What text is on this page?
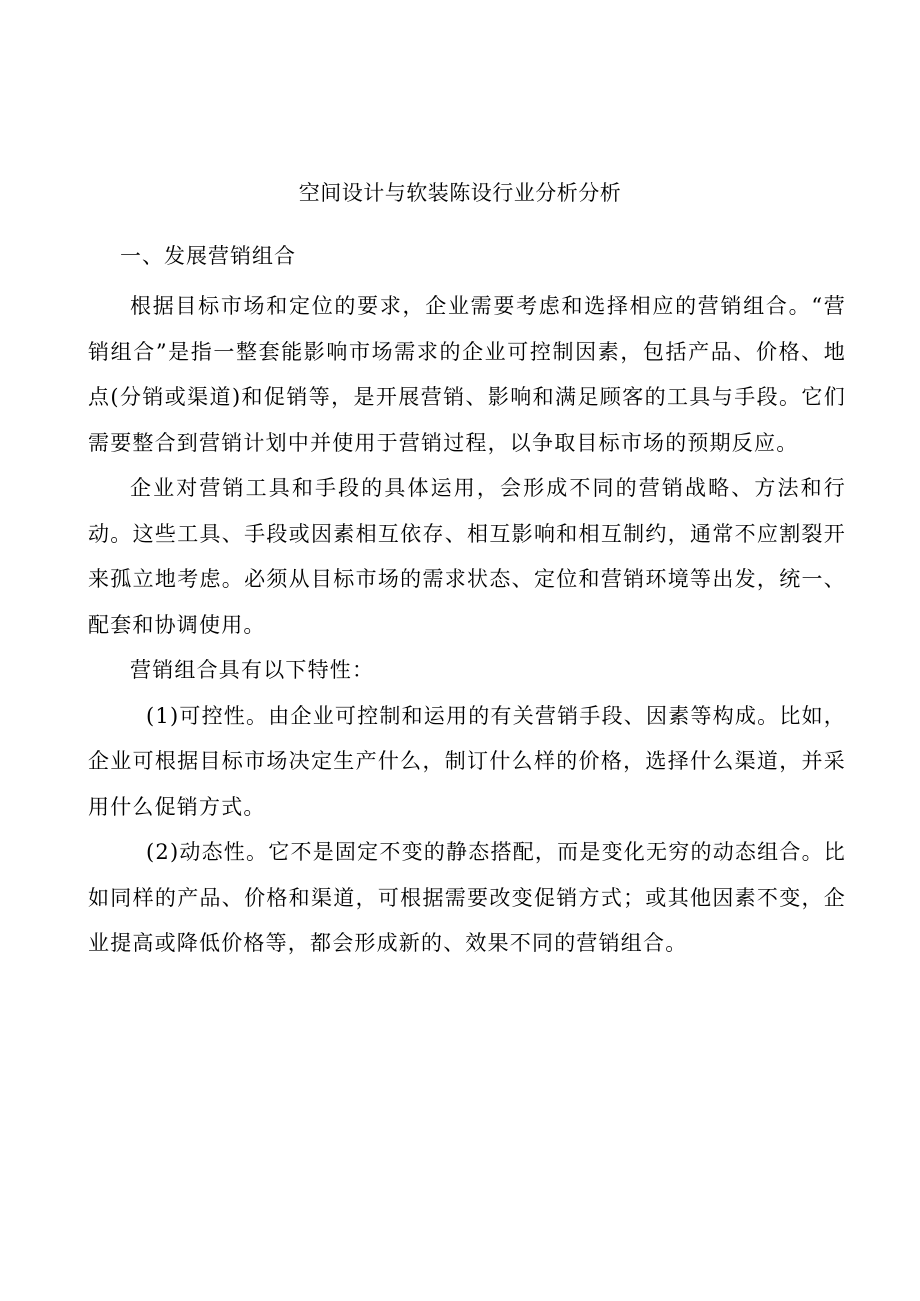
空间设计与软装陈设行业分析分析
一、发展营销组合

根据目标市场和定位的要求，企业需要考虑和选择相应的营销组合。“营销组合”是指一整套能影响市场需求的企业可控制因素，包括产品、价格、地点(分销或渠道)和促销等，是开展营销、影响和满足顾客的工具与手段。它们需要整合到营销计划中并使用于营销过程，以争取目标市场的预期反应。

企业对营销工具和手段的具体运用，会形成不同的营销战略、方法和行动。这些工具、手段或因素相互依存、相互影响和相互制约，通常不应割裂开来孤立地考虑。必须从目标市场的需求状态、定位和营销环境等出发，统一、配套和协调使用。

营销组合具有以下特性：

(1)可控性。由企业可控制和运用的有关营销手段、因素等构成。比如，企业可根据目标市场决定生产什么，制订什么样的价格，选择什么渠道，并采用什么促销方式。

(2)动态性。它不是固定不变的静态搭配，而是变化无穷的动态组合。比如同样的产品、价格和渠道，可根据需要改变促销方式；或其他因素不变，企业提高或降低价格等，都会形成新的、效果不同的营销组合。
